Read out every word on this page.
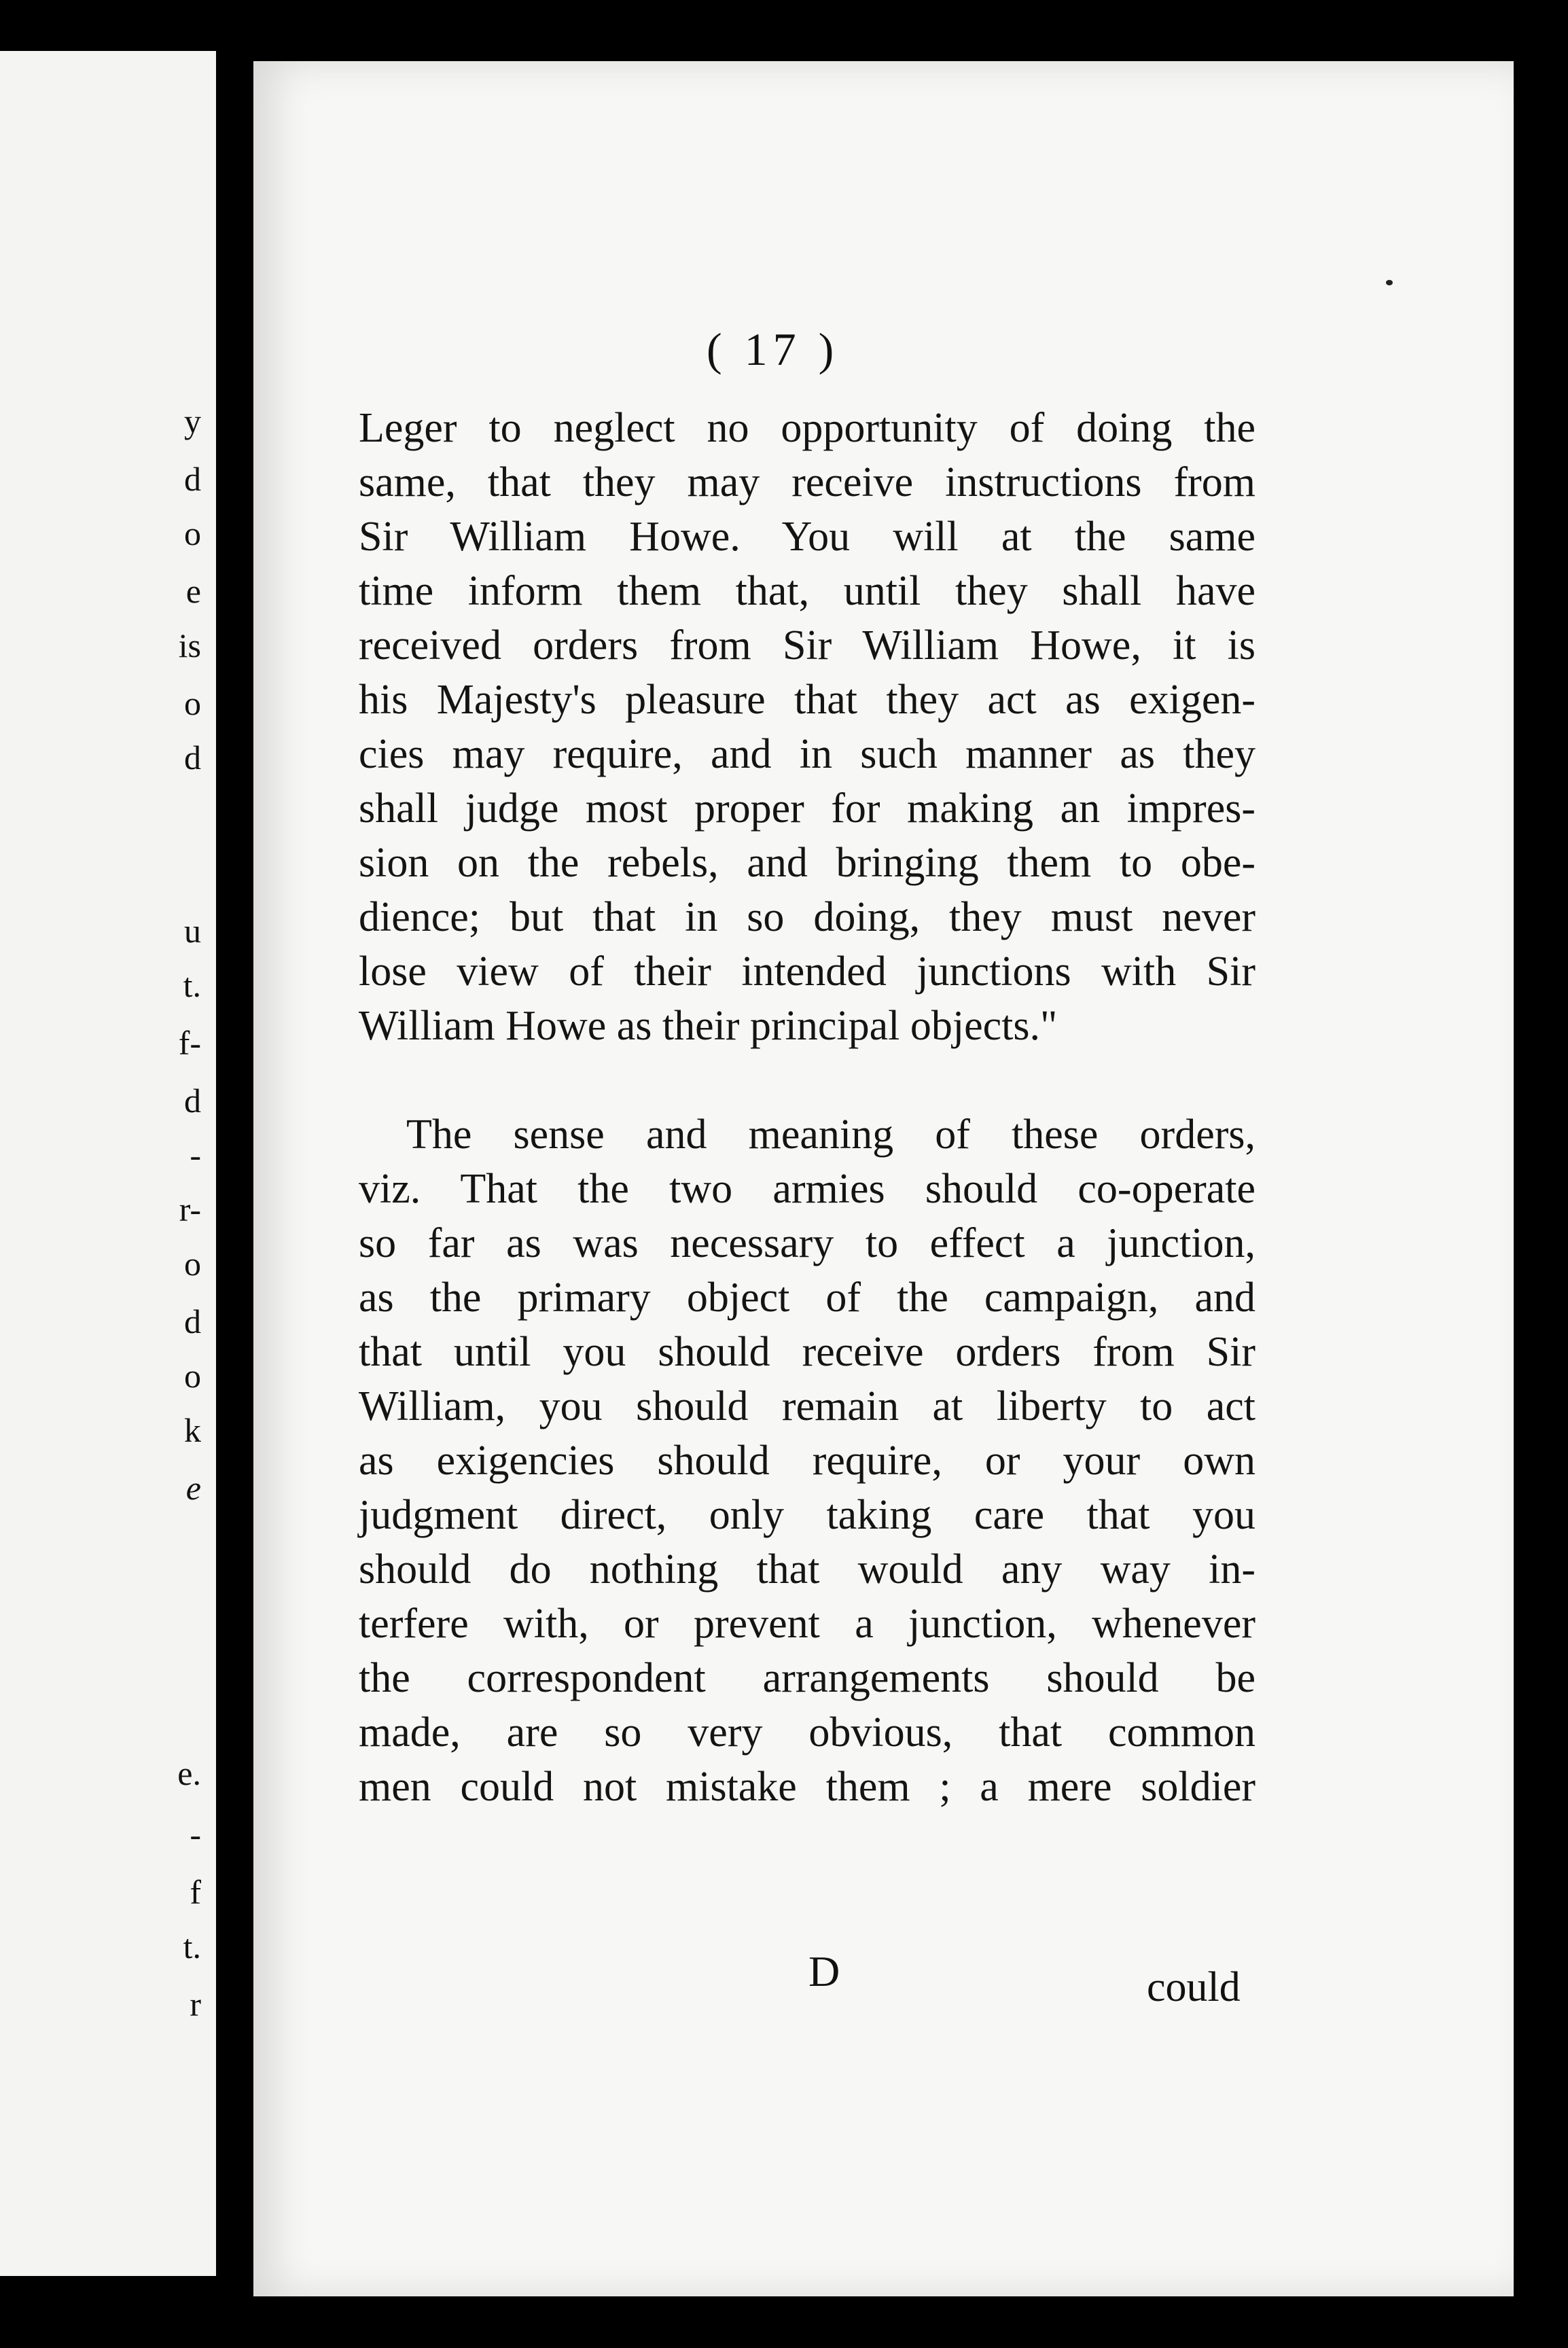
y
d
o
e
is
o
d
u
t.
f-
d
-
r-
o
d
o
k
e
e.
-
f
t.
r
( 17 )
Leger to neglect no opportunity of doing the
same, that they may receive instructions from
Sir William Howe. You will at the same
time inform them that, until they shall have
received orders from Sir William Howe, it is
his Majesty's pleasure that they act as exigen-
cies may require, and in such manner as they
shall judge most proper for making an impres-
sion on the rebels, and bringing them to obe-
dience; but that in so doing, they must never
lose view of their intended junctions with Sir
William Howe as their principal objects."
The sense and meaning of these orders,
viz. That the two armies should co-operate
so far as was necessary to effect a junction,
as the primary object of the campaign, and
that until you should receive orders from Sir
William, you should remain at liberty to act
as exigencies should require, or your own
judgment direct, only taking care that you
should do nothing that would any way in-
terfere with, or prevent a junction, whenever
the correspondent arrangements should be
made, are so very obvious, that common
men could not mistake them ; a mere soldier
D	could
